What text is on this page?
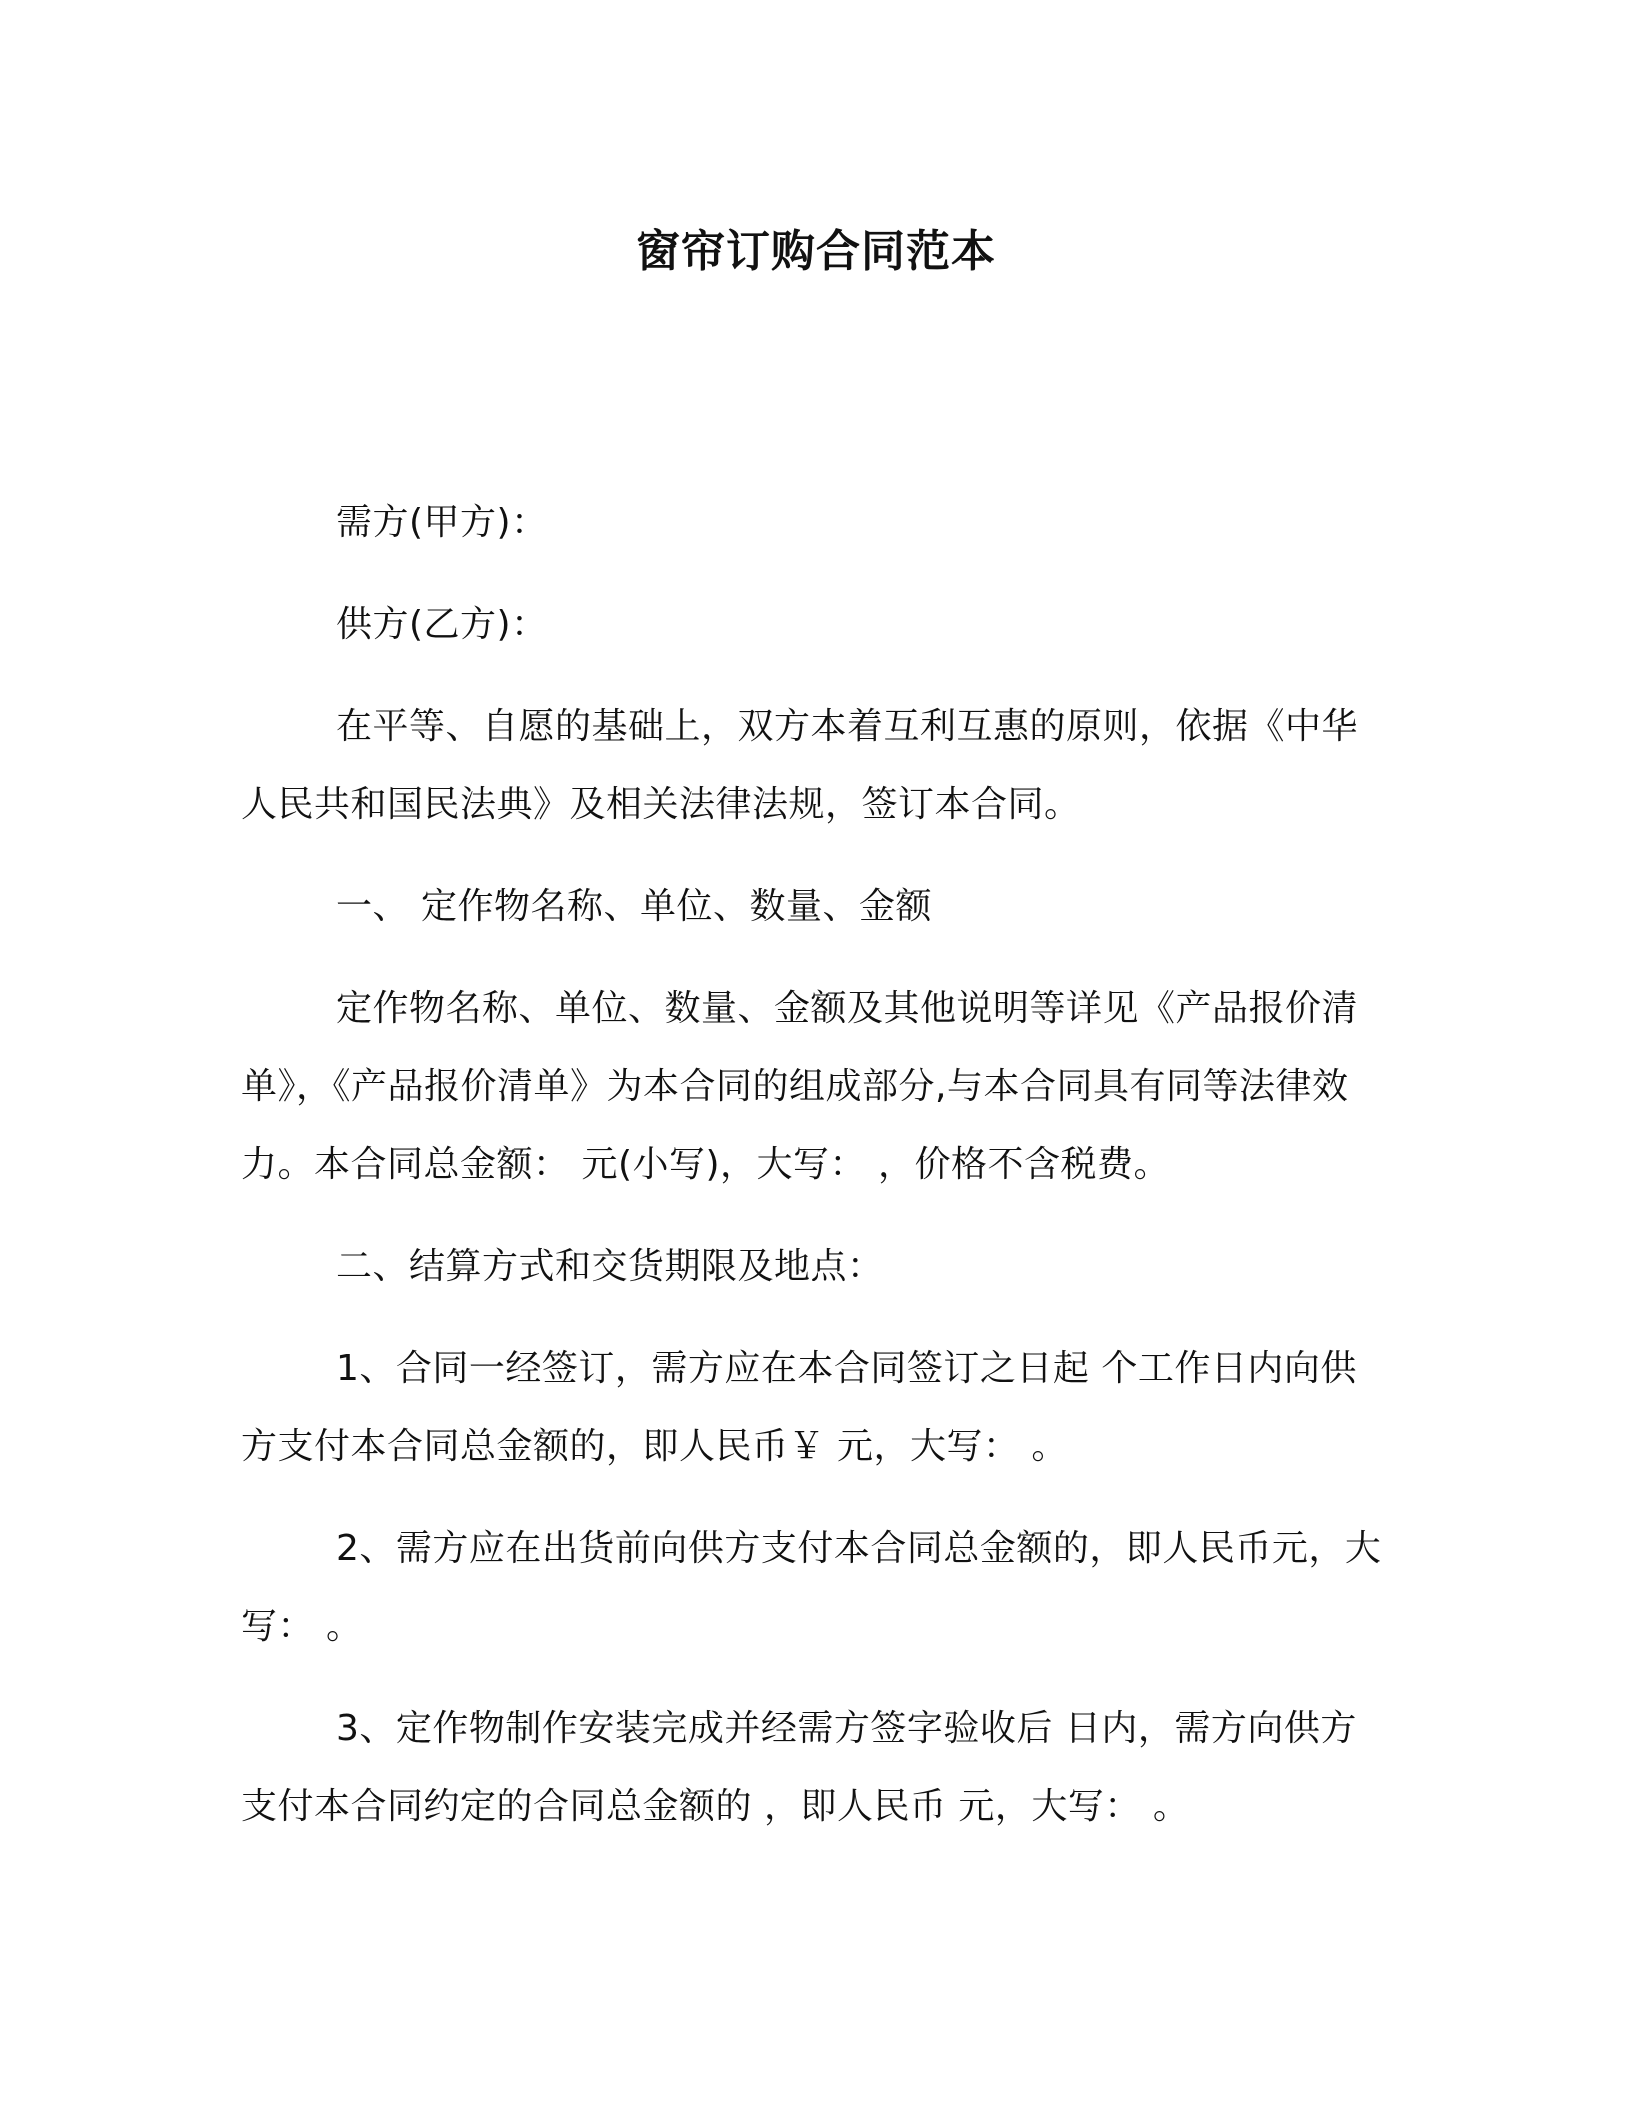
窗帘订购合同范本

需方(甲方)：

供方(乙方)：

在平等、自愿的基础上，双方本着互利互惠的原则，依据《中华人民共和国民法典》及相关法律法规，签订本合同。

一、 定作物名称、单位、数量、金额

定作物名称、单位、数量、金额及其他说明等详见《产品报价清单》，《产品报价清单》为本合同的组成部分,与本合同具有同等法律效力。本合同总金额： 元(小写)，大写： ，价格不含税费。

二、结算方式和交货期限及地点：

1、合同一经签订，需方应在本合同签订之日起 个工作日内向供方支付本合同总金额的，即人民币￥ 元，大写： 。

2、需方应在出货前向供方支付本合同总金额的，即人民币元，大写： 。

3、定作物制作安装完成并经需方签字验收后 日内，需方向供方支付本合同约定的合同总金额的 ，即人民币 元，大写： 。
